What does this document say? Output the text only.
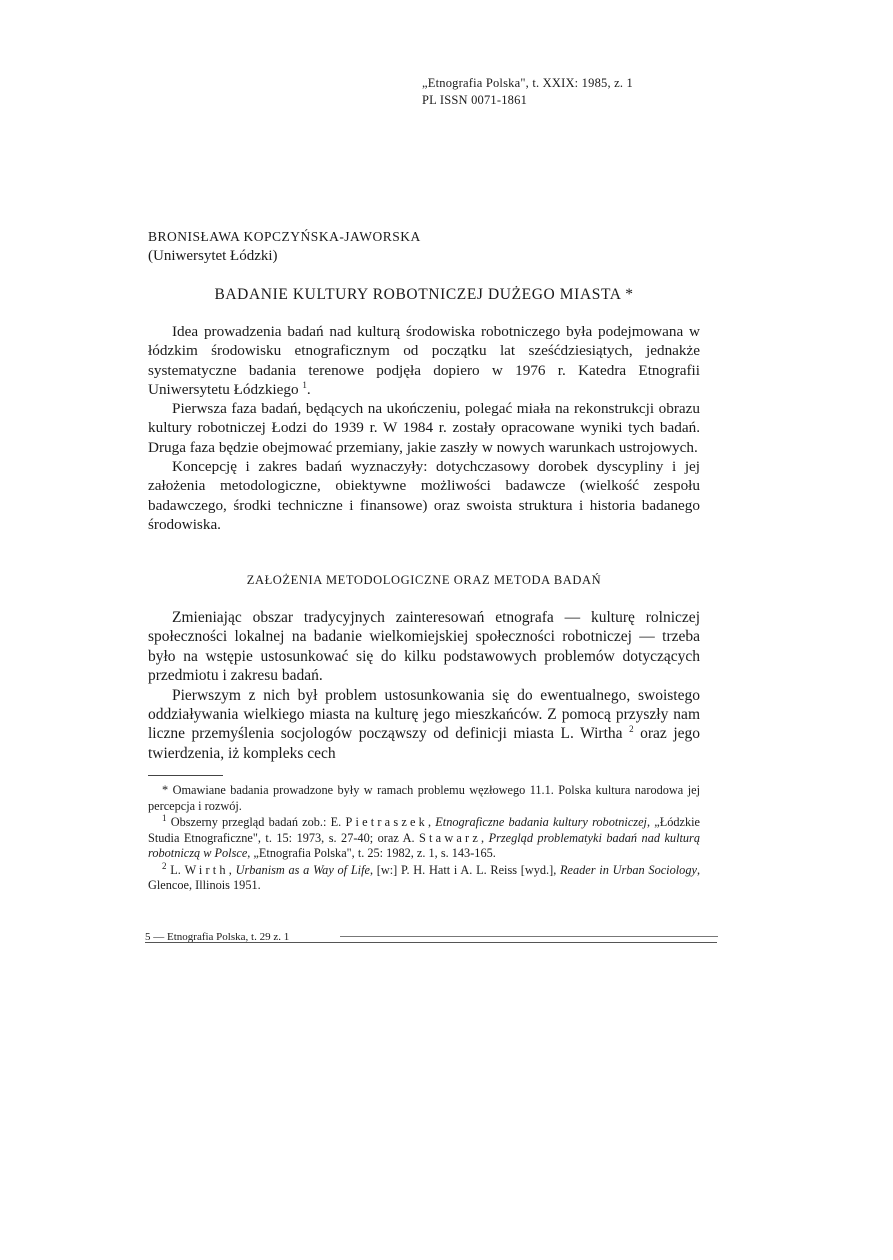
„Etnografia Polska", t. XXIX: 1985, z. 1
PL ISSN 0071-1861
BRONISŁAWA KOPCZYŃSKA-JAWORSKA
(Uniwersytet Łódzki)
BADANIE KULTURY ROBOTNICZEJ DUŻEGO MIASTA *

Idea prowadzenia badań nad kulturą środowiska robotniczego była podejmowana w łódzkim środowisku etnograficznym od początku lat sześćdziesiątych, jednakże systematyczne badania terenowe podjęła dopiero w 1976 r. Katedra Etnografii Uniwersytetu Łódzkiego $^1$.

Pierwsza faza badań, będących na ukończeniu, polegać miała na rekonstrukcji obrazu kultury robotniczej Łodzi do 1939 r. W 1984 r. zostały opracowane wyniki tych badań. Druga faza będzie obejmować przemiany, jakie zaszły w nowych warunkach ustrojowych.

Koncepcję i zakres badań wyznaczyły: dotychczasowy dorobek dyscypliny i jej założenia metodologiczne, obiektywne możliwości badawcze (wielkość zespołu badawczego, środki techniczne i finansowe) oraz swoista struktura i historia badanego środowiska.

ZAŁOŻENIA METODOLOGICZNE ORAZ METODA BADAŃ

Zmieniając obszar tradycyjnych zainteresowań etnografa — kulturę rolniczej społeczności lokalnej na badanie wielkomiejskiej społeczności robotniczej — trzeba było na wstępie ustosunkować się do kilku podstawowych problemów dotyczących przedmiotu i zakresu badań.

Pierwszym z nich był problem ustosunkowania się do ewentualnego, swoistego oddziaływania wielkiego miasta na kulturę jego mieszkańców. Z pomocą przyszły nam liczne przemyślenia socjologów począwszy od definicji miasta L. Wirtha $^2$ oraz jego twierdzenia, iż kompleks cech

* Omawiane badania prowadzone były w ramach problemu węzłowego 11.1. Polska kultura narodowa jej percepcja i rozwój.

$^1$ Obszerny przegląd badań zob.: E. Pietraszek, Etnograficzne badania kultury robotniczej, „Łódzkie Studia Etnograficzne", t. 15: 1973, s. 27-40; oraz A. Stawarz, Przegląd problematyki badań nad kulturą robotniczą w Polsce, „Etnografia Polska", t. 25: 1982, z. 1, s. 143-165.

$^2$ L. Wirth, Urbanism as a Way of Life, [w:] P. H. Hatt i A. L. Reiss [wyd.], Reader in Urban Sociology, Glencoe, Illinois 1951.

5 — Etnografia Polska, t. 29 z. 1
